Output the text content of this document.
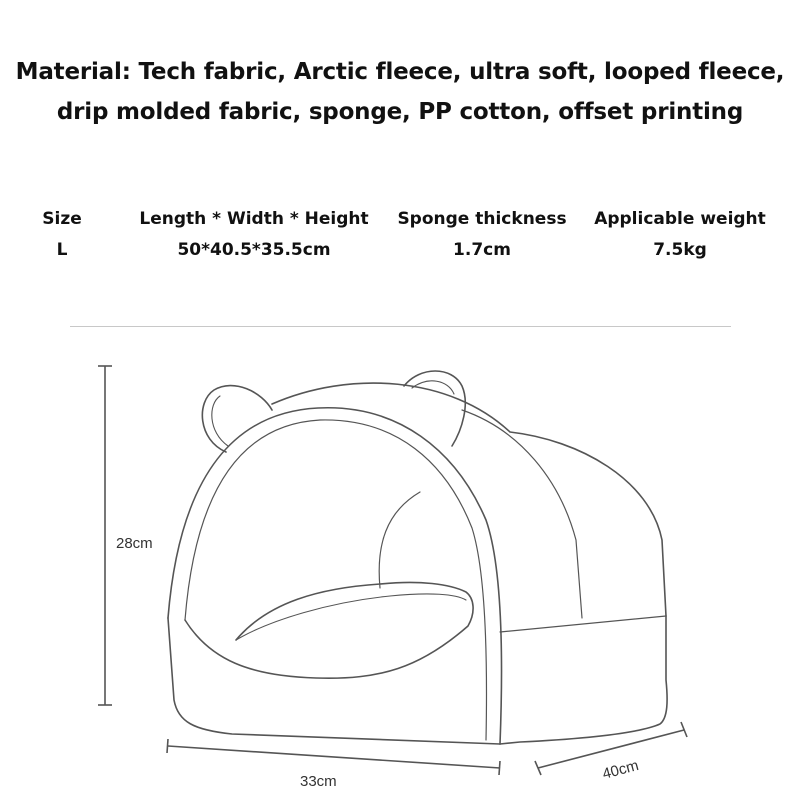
Material: Tech fabric, Arctic fleece, ultra soft, looped fleece,
drip molded fabric, sponge, PP cotton, offset printing
Size
L
Length * Width * Height
50*40.5*35.5cm
Sponge thickness
1.7cm
Applicable weight
7.5kg
28cm
33cm	40cm
